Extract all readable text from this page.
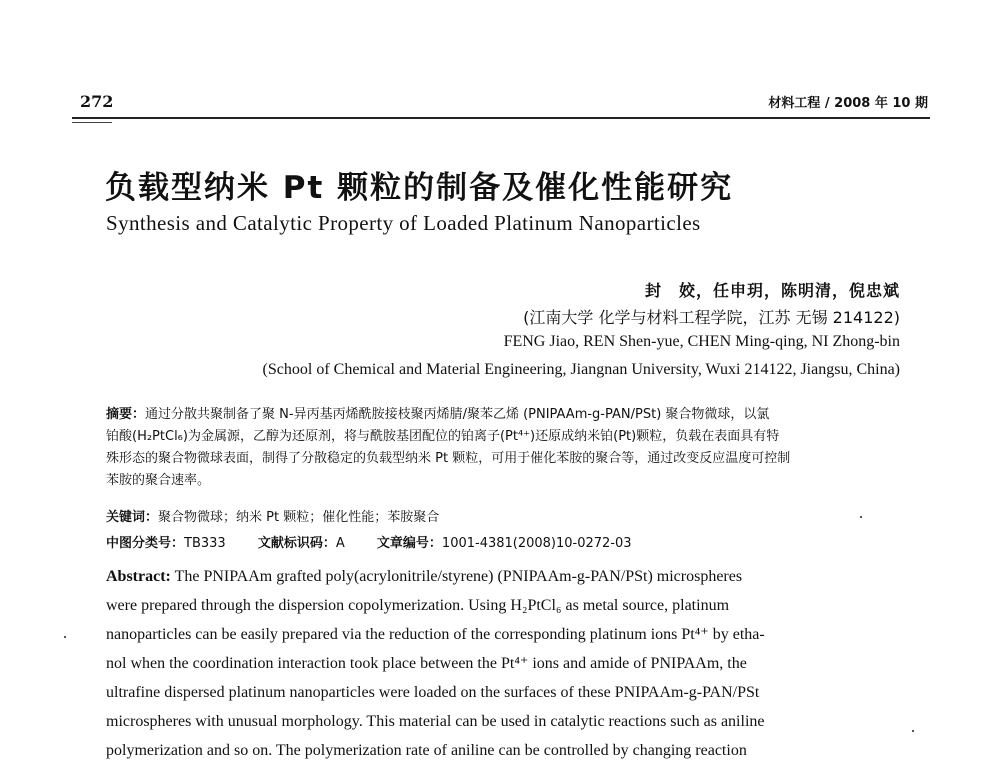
272	材料工程 / 2008 年 10 期
负载型纳米 Pt 颗粒的制备及催化性能研究
Synthesis and Catalytic Property of Loaded Platinum Nanoparticles
封　姣，任申玥，陈明清，倪忠斌
(江南大学 化学与材料工程学院，江苏 无锡 214122)
FENG Jiao, REN Shen-yue, CHEN Ming-qing, NI Zhong-bin
(School of Chemical and Material Engineering, Jiangnan University, Wuxi 214122, Jiangsu, China)
摘要：通过分散共聚制备了聚 N-异丙基丙烯酰胺接枝聚丙烯腈/聚苯乙烯 (PNIPAAm-g-PAN/PSt) 聚合物微球，以氯
铂酸(H₂PtCl₆)为金属源，乙醇为还原剂，将与酰胺基团配位的铂离子(Pt⁴⁺)还原成纳米铂(Pt)颗粒，负载在表面具有特
殊形态的聚合物微球表面，制得了分散稳定的负载型纳米 Pt 颗粒，可用于催化苯胺的聚合等，通过改变反应温度可控制
苯胺的聚合速率。
关键词：聚合物微球；纳米 Pt 颗粒；催化性能；苯胺聚合
中图分类号：TB333 文献标识码：A 文章编号：1001-4381(2008)10-0272-03
Abstract: The PNIPAAm grafted poly(acrylonitrile/styrene) (PNIPAAm-g-PAN/PSt) microspheres
were prepared through the dispersion copolymerization. Using H₂PtCl₆ as metal source, platinum
nanoparticles can be easily prepared via the reduction of the corresponding platinum ions Pt⁴⁺ by etha-
nol when the coordination interaction took place between the Pt⁴⁺ ions and amide of PNIPAAm, the
ultrafine dispersed platinum nanoparticles were loaded on the surfaces of these PNIPAAm-g-PAN/PSt
microspheres with unusual morphology. This material can be used in catalytic reactions such as aniline
polymerization and so on. The polymerization rate of aniline can be controlled by changing reaction
